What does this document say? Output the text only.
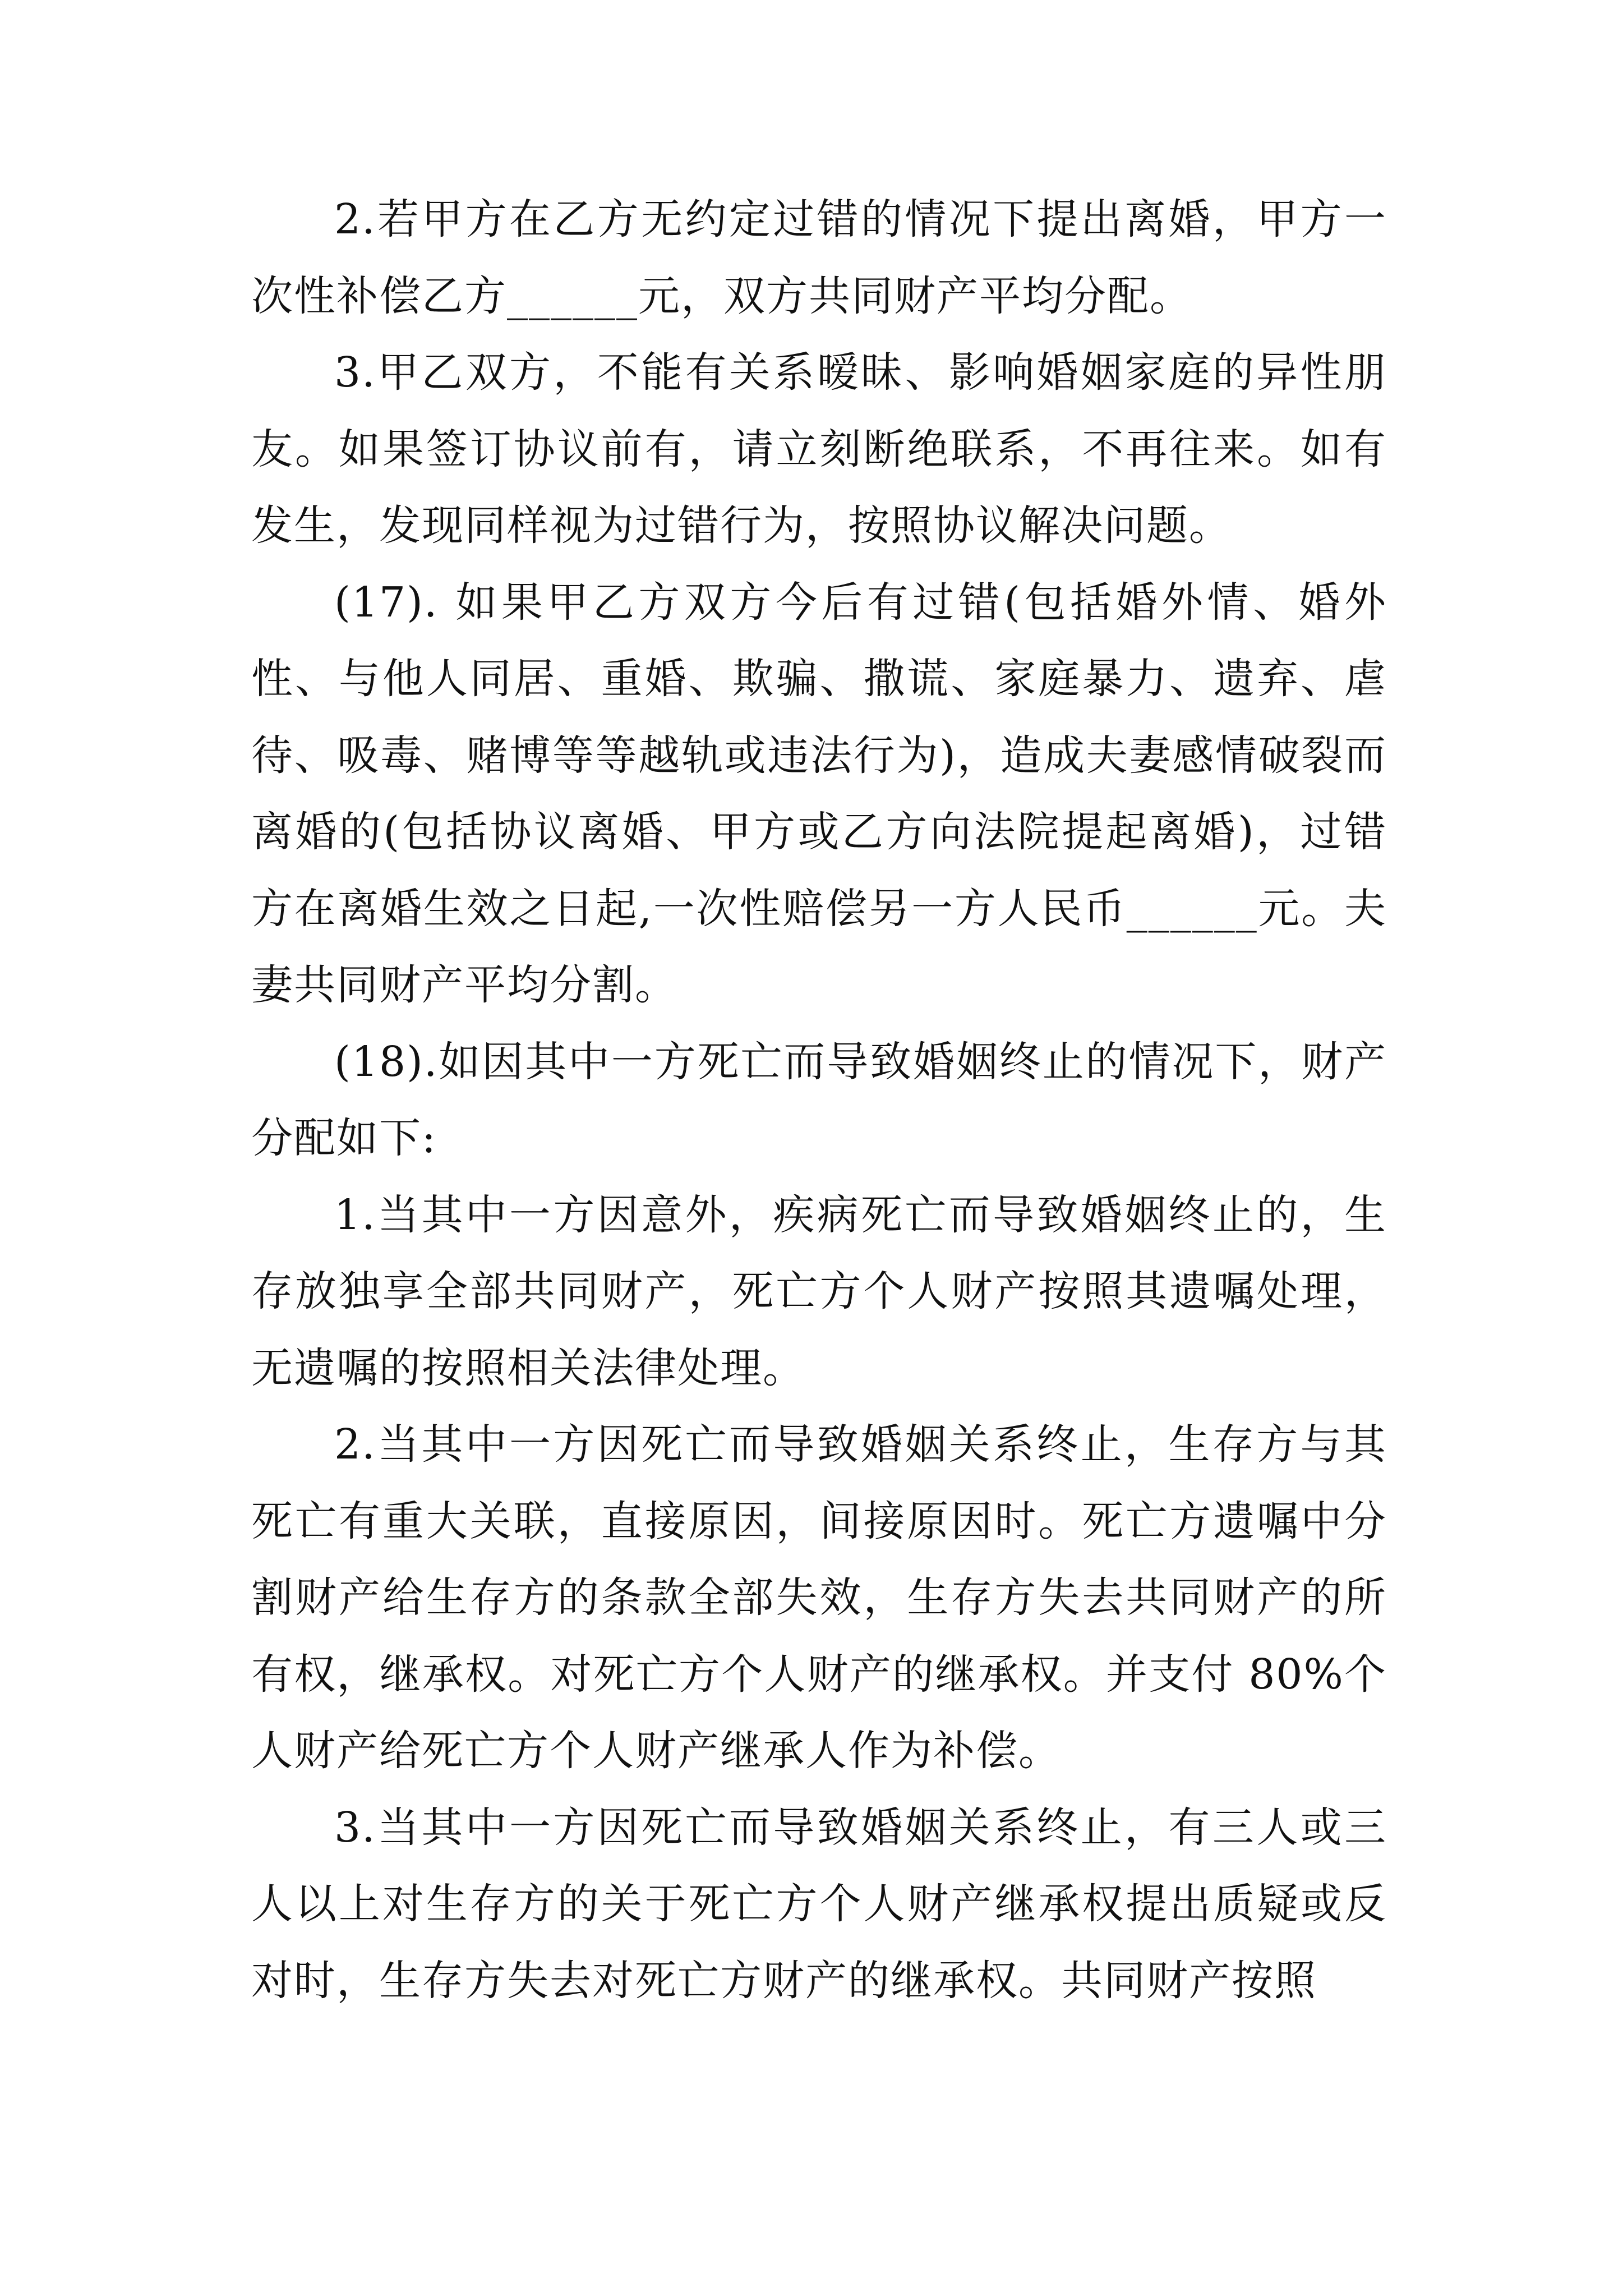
2.若甲方在乙方无约定过错的情况下提出离婚，甲方一次性补偿乙方______元，双方共同财产平均分配。

3.甲乙双方，不能有关系暧昧、影响婚姻家庭的异性朋友。如果签订协议前有，请立刻断绝联系，不再往来。如有发生，发现同样视为过错行为，按照协议解决问题。

(17). 如果甲乙方双方今后有过错(包括婚外情、婚外性、与他人同居、重婚、欺骗、撒谎、家庭暴力、遗弃、虐待、吸毒、赌博等等越轨或违法行为)，造成夫妻感情破裂而离婚的(包括协议离婚、甲方或乙方向法院提起离婚)，过错方在离婚生效之日起,一次性赔偿另一方人民币______元。夫妻共同财产平均分割。

(18).如因其中一方死亡而导致婚姻终止的情况下，财产分配如下:

1.当其中一方因意外，疾病死亡而导致婚姻终止的，生存放独享全部共同财产，死亡方个人财产按照其遗嘱处理，无遗嘱的按照相关法律处理。

2.当其中一方因死亡而导致婚姻关系终止，生存方与其死亡有重大关联，直接原因，间接原因时。死亡方遗嘱中分割财产给生存方的条款全部失效，生存方失去共同财产的所有权，继承权。对死亡方个人财产的继承权。并支付 80%个人财产给死亡方个人财产继承人作为补偿。

3.当其中一方因死亡而导致婚姻关系终止，有三人或三人以上对生存方的关于死亡方个人财产继承权提出质疑或反对时，生存方失去对死亡方财产的继承权。共同财产按照
